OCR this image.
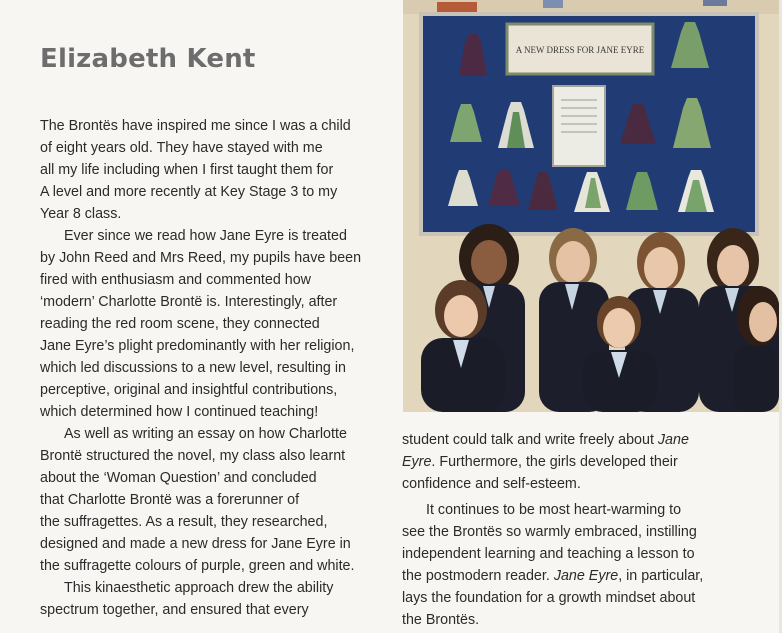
Elizabeth Kent

The Brontës have inspired me since I was a child
of eight years old. They have stayed with me
all my life including when I first taught them for
A level and more recently at Key Stage 3 to my
Year 8 class.

Ever since we read how Jane Eyre is treated
by John Reed and Mrs Reed, my pupils have been
fired with enthusiasm and commented how
‘modern’ Charlotte Brontë is. Interestingly, after
reading the red room scene, they connected
Jane Eyre’s plight predominantly with her religion,
which led discussions to a new level, resulting in
perceptive, original and insightful contributions,
which determined how I continued teaching!

As well as writing an essay on how Charlotte
Brontë structured the novel, my class also learnt
about the ‘Woman Question’ and concluded
that Charlotte Brontë was a forerunner of
the suffragettes. As a result, they researched,
designed and made a new dress for Jane Eyre in
the suffragette colours of purple, green and white.

This kinaesthetic approach drew the ability
spectrum together, and ensured that every

A NEW DRESS FOR JANE EYRE

student could talk and write freely about Jane
Eyre. Furthermore, the girls developed their
confidence and self-esteem.

It continues to be most heart-warming to
see the Brontës so warmly embraced, instilling
independent learning and teaching a lesson to
the postmodern reader. Jane Eyre, in particular,
lays the foundation for a growth mindset about
the Brontës.
